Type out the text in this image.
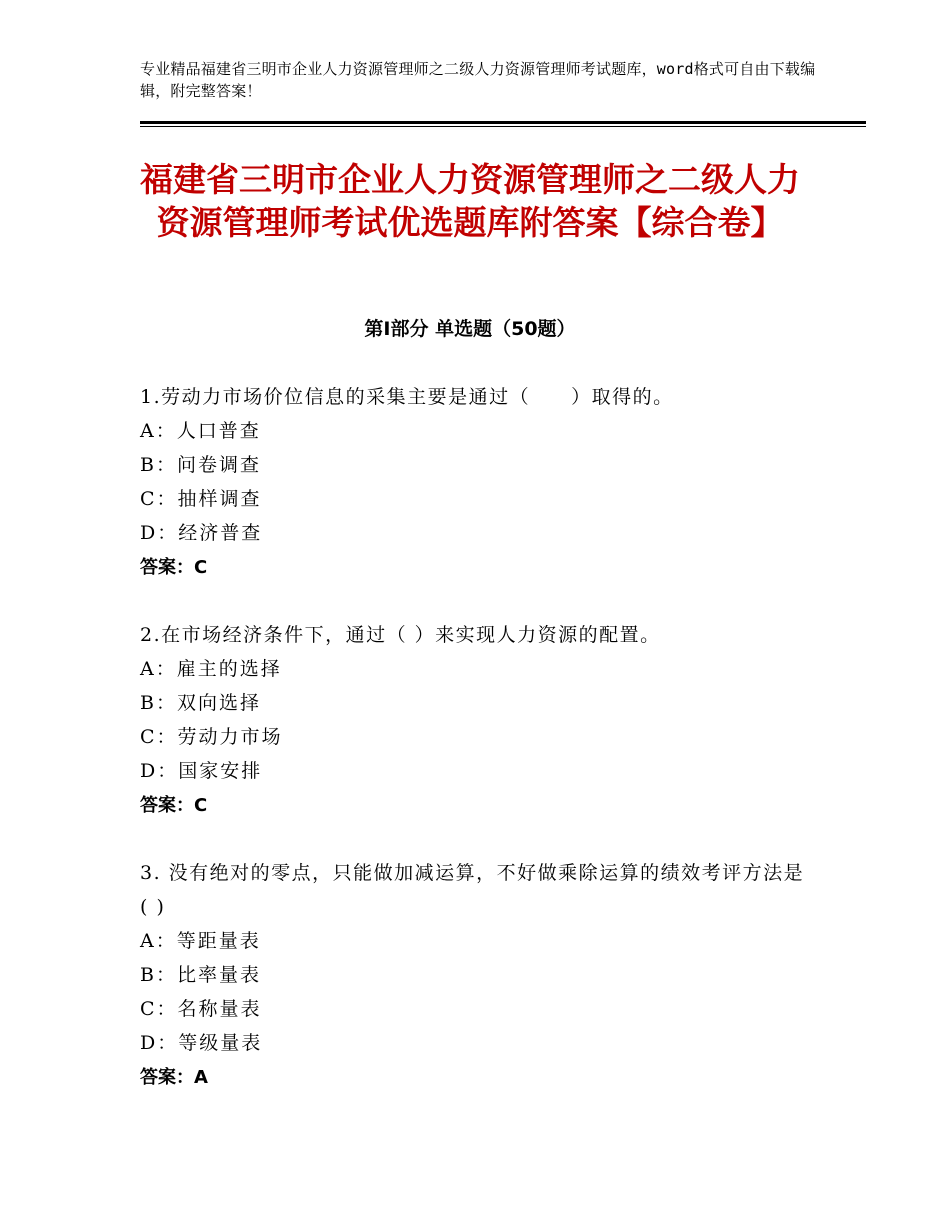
专业精品福建省三明市企业人力资源管理师之二级人力资源管理师考试题库，word格式可自由下载编辑，附完整答案！
福建省三明市企业人力资源管理师之二级人力资源管理师考试优选题库附答案【综合卷】
第Ⅰ部分 单选题（50题）
1.劳动力市场价位信息的采集主要是通过（　　）取得的。
A：人口普查
B：问卷调查
C：抽样调查
D：经济普查
答案：C
2.在市场经济条件下，通过（ ）来实现人力资源的配置。
A：雇主的选择
B：双向选择
C：劳动力市场
D：国家安排
答案：C
3. 没有绝对的零点，只能做加减运算，不好做乘除运算的绩效考评方法是( )
A：等距量表
B：比率量表
C：名称量表
D：等级量表
答案：A
